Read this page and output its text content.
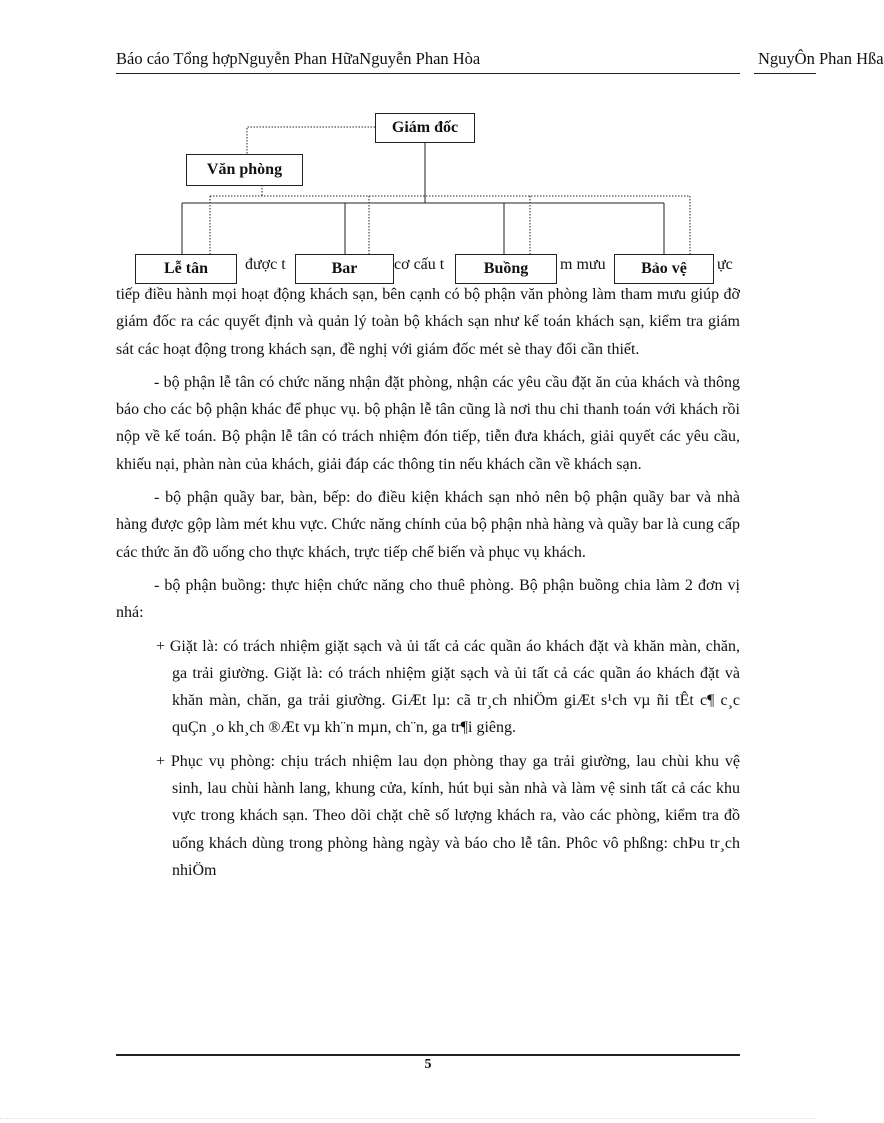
Báo cáo Tổng hợpNguyễn Phan HữaNguyễn Phan Hòa	NguyÔn Phan Hßa
Giám đốc
Văn phòng
được t	cơ cấu t	m mưu	ực
Lễ tân	Bar	Buồng	Bảo vệ

tiếp điều hành mọi hoạt động khách sạn, bên cạnh có bộ phận văn phòng làm tham mưu giúp đỡ giám đốc ra các quyết định và quản lý toàn bộ khách sạn như kế toán khách sạn, kiểm tra giám sát các hoạt động trong khách sạn, đề nghị với giám đốc mét sè thay đổi cần thiết.

- bộ phận lễ tân có chức năng nhận đặt phòng, nhận các yêu cầu đặt ăn của khách và thông báo cho các bộ phận khác để phục vụ. bộ phận lễ tân cũng là nơi thu chi thanh toán với khách rồi nộp về kế toán. Bộ phận lễ tân có trách nhiệm đón tiếp, tiễn đưa khách, giải quyết các yêu cầu, khiếu nại, phàn nàn của khách, giải đáp các thông tin nếu khách cần về khách sạn.

- bộ phận quầy bar, bàn, bếp: do điều kiện khách sạn nhỏ nên bộ phận quầy bar và nhà hàng được gộp làm mét khu vực. Chức năng chính của bộ phận nhà hàng và quầy bar là cung cấp các thức ăn đồ uống cho thực khách, trực tiếp chế biến và phục vụ khách.

- bộ phận buồng: thực hiện chức năng cho thuê phòng. Bộ phận buồng chia làm 2 đơn vị nhá:

+ Giặt là: có trách nhiệm giặt sạch và ủi tất cả các quần áo khách đặt và khăn màn, chăn, ga trải giường. Giặt là: có trách nhiệm giặt sạch và ủi tất cả các quần áo khách đặt và khăn màn, chăn, ga trải giường. GiÆt lµ: cã tr¸ch nhiÖm giÆt s¹ch vµ ñi tÊt c¶ c¸c quÇn ¸o kh¸ch ®Æt vµ kh¨n mµn, ch¨n, ga tr¶i giêng.

+ Phục vụ phòng: chịu trách nhiệm lau dọn phòng thay ga trải giường, lau chùi khu vệ sinh, lau chùi hành lang, khung cửa, kính, hút bụi sàn nhà và làm vệ sinh tất cả các khu vực trong khách sạn. Theo dõi chặt chẽ số lượng khách ra, vào các phòng, kiểm tra đồ uống khách dùng trong phòng hàng ngày và báo cho lễ tân. Phôc vô phßng: chÞu tr¸ch nhiÖm

5
